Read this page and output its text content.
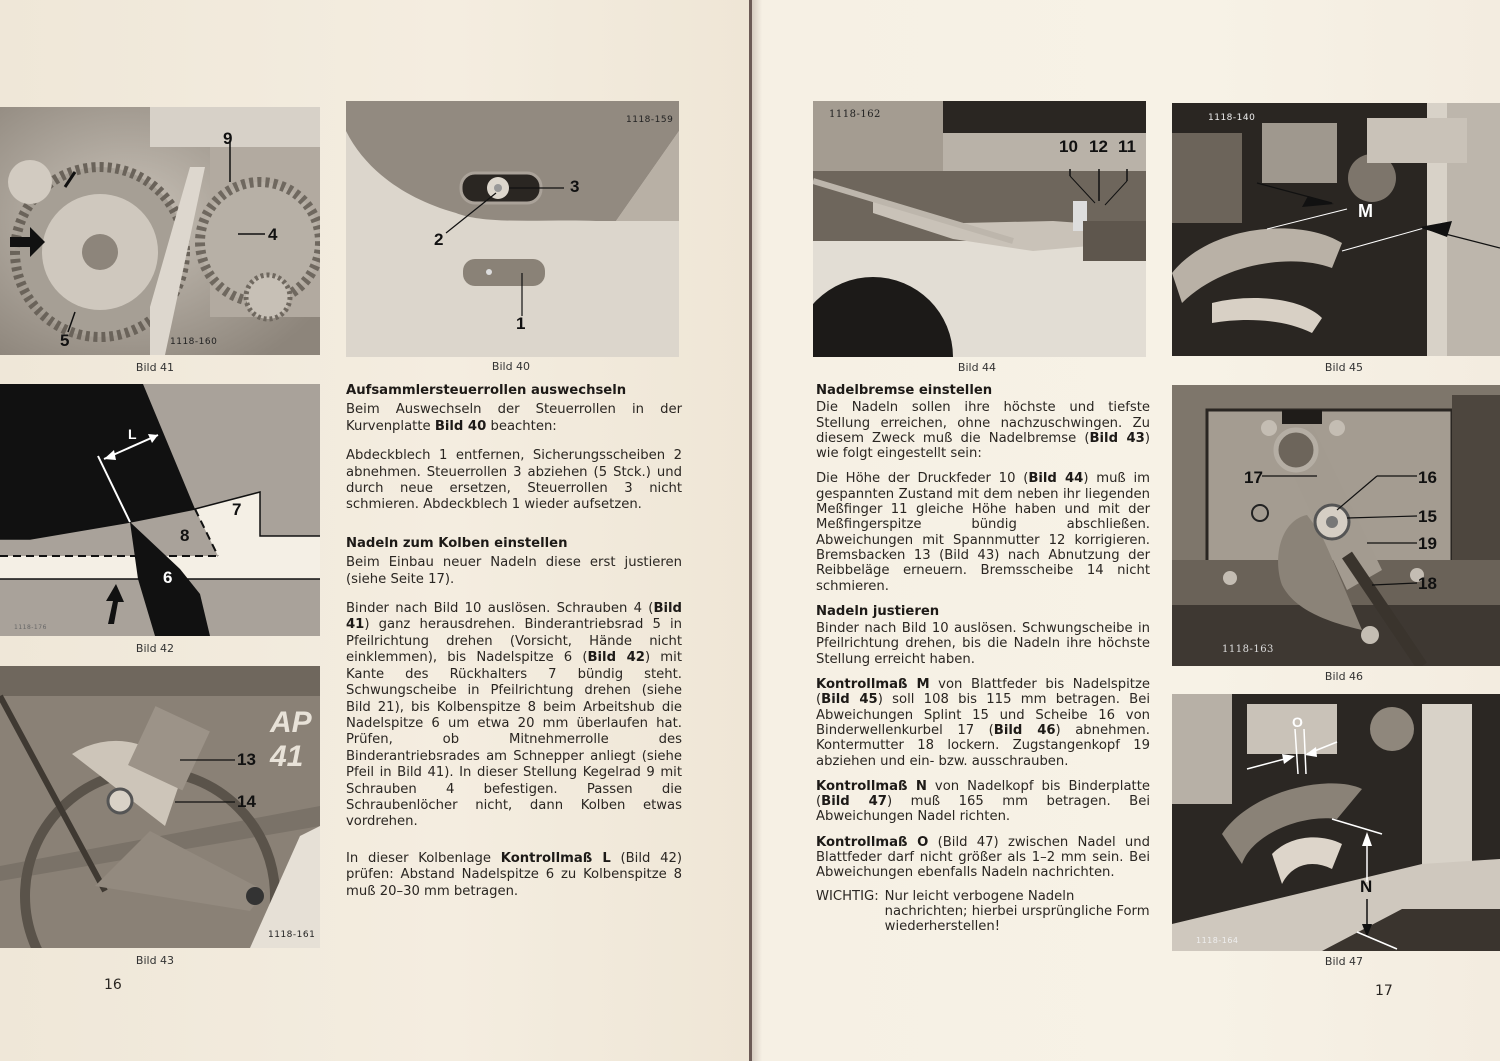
9
4
5	1118-160
Bild 41
L
7
8
6
1118-176
Bild 42
AP 41
13
14
1118-161
Bild 43
16
3
2
1
1118-159
Bild 40
Aufsammlersteuerrollen auswechseln

Beim Auswechseln der Steuerrollen in der Kurvenplatte Bild 40 beachten:

Abdeckblech 1 entfernen, Sicherungsscheiben 2 abnehmen. Steuerrollen 3 abziehen (5 Stck.) und durch neue ersetzen, Steuerrollen 3 nicht schmieren. Abdeckblech 1 wieder aufsetzen.

Nadeln zum Kolben einstellen

Beim Einbau neuer Nadeln diese erst justieren (siehe Seite 17).

Binder nach Bild 10 auslösen. Schrauben 4 (Bild 41) ganz herausdrehen. Binderantriebsrad 5 in Pfeilrichtung drehen (Vorsicht, Hände nicht einklemmen), bis Nadelspitze 6 (Bild 42) mit Kante des Rückhalters 7 bündig steht. Schwungscheibe in Pfeilrichtung drehen (siehe Bild 21), bis Kolbenspitze 8 beim Arbeitshub die Nadelspitze 6 um etwa 20 mm überlaufen hat. Prüfen, ob Mitnehmerrolle des Binderantriebsrades am Schnepper anliegt (siehe Pfeil in Bild 41). In dieser Stellung Kegelrad 9 mit Schrauben 4 befestigen. Passen die Schraubenlöcher nicht, dann Kolben etwas vordrehen.

In dieser Kolbenlage Kontrollmaß L (Bild 42) prüfen: Abstand Nadelspitze 6 zu Kolbenspitze 8 muß 20–30 mm betragen.

10 12 11
1118-162
Bild 44
M
1118-140
Bild 45
17	16
15
19
18
1118-163
Bild 46
O
N
1118-164
Bild 47
17
Nadelbremse einstellen

Die Nadeln sollen ihre höchste und tiefste Stellung erreichen, ohne nachzuschwingen. Zu diesem Zweck muß die Nadelbremse (Bild 43) wie folgt eingestellt sein:

Die Höhe der Druckfeder 10 (Bild 44) muß im gespannten Zustand mit dem neben ihr liegenden Meßfinger 11 gleiche Höhe haben und mit der Meßfingerspitze bündig abschließen. Abweichungen mit Spannmutter 12 korrigieren. Bremsbacken 13 (Bild 43) nach Abnutzung der Reibbeläge erneuern. Bremsscheibe 14 nicht schmieren.

Nadeln justieren

Binder nach Bild 10 auslösen. Schwungscheibe in Pfeilrichtung drehen, bis die Nadeln ihre höchste Stellung erreicht haben.

Kontrollmaß M von Blattfeder bis Nadelspitze (Bild 45) soll 108 bis 115 mm betragen. Bei Abweichungen Splint 15 und Scheibe 16 von Binderwellenkurbel 17 (Bild 46) abnehmen. Kontermutter 18 lockern. Zugstangenkopf 19 abziehen und ein- bzw. ausschrauben.

Kontrollmaß N von Nadelkopf bis Binderplatte (Bild 47) muß 165 mm betragen. Bei Abweichungen Nadel richten.

Kontrollmaß O (Bild 47) zwischen Nadel und Blattfeder darf nicht größer als 1–2 mm sein. Bei Abweichungen ebenfalls Nadeln nachrichten.

WICHTIG: Nur leicht verbogene Nadeln nachrichten; hierbei ursprüngliche Form wiederherstellen!
